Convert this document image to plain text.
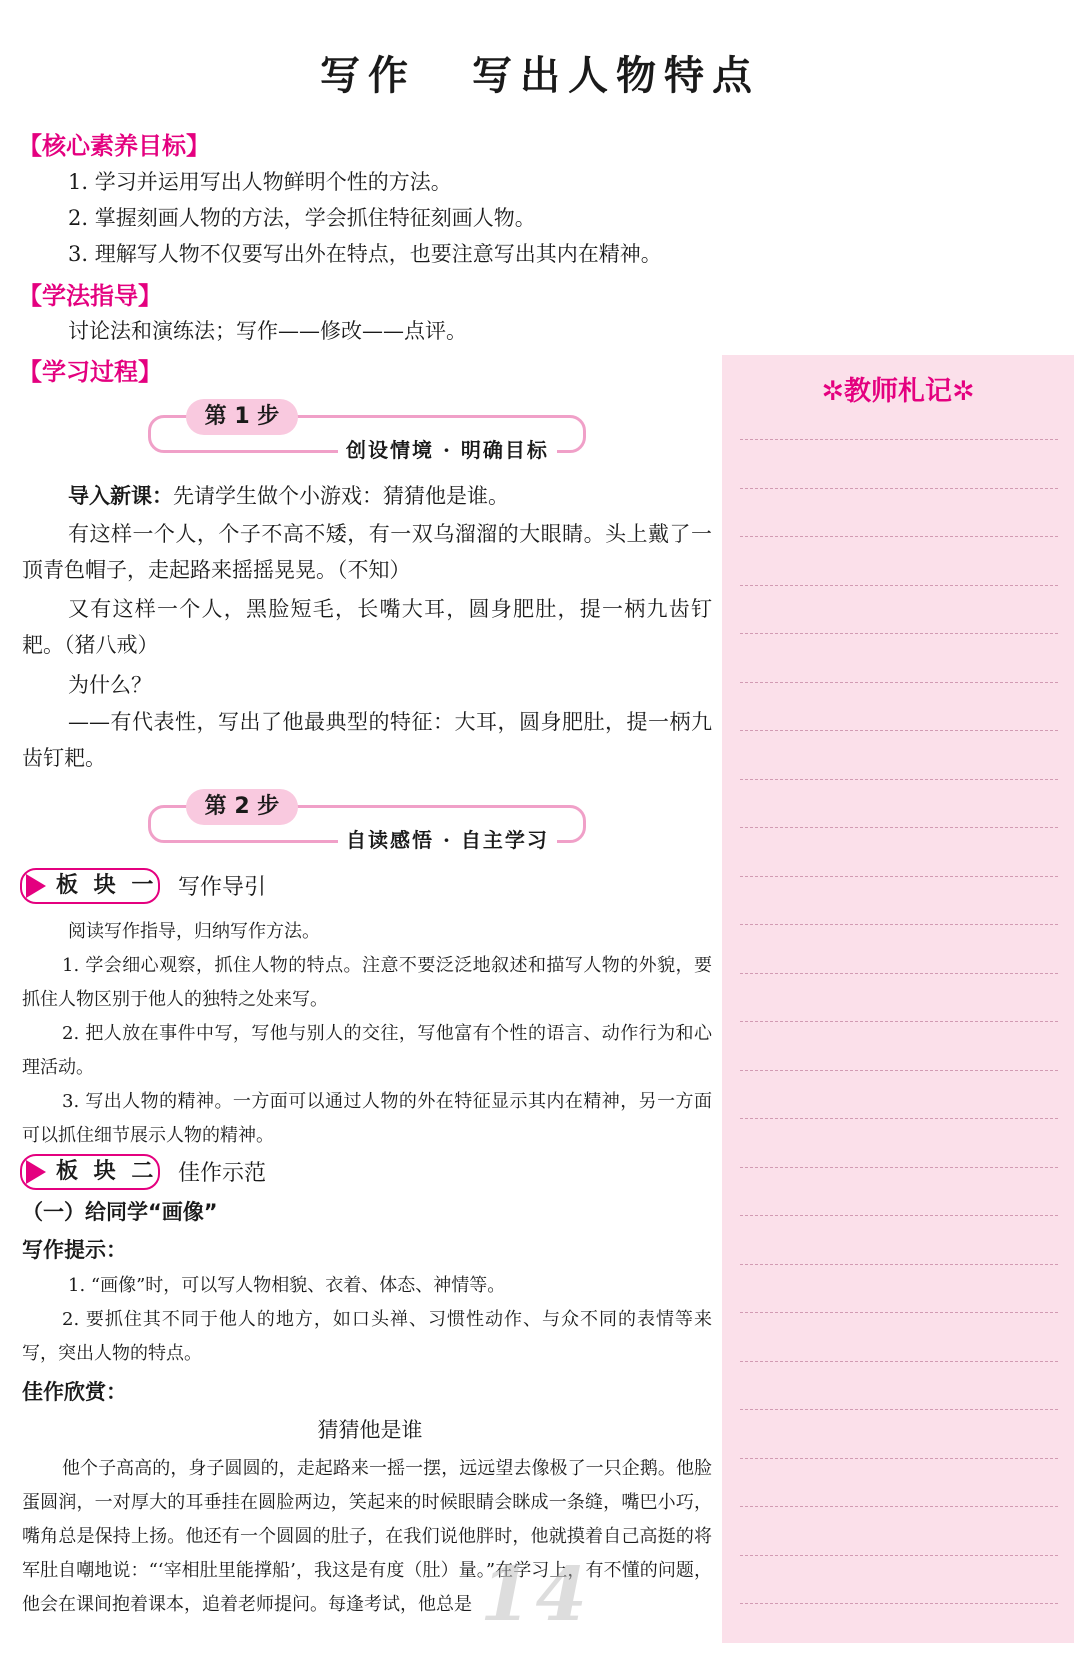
写作 写出人物特点
【核心素养目标】
1. 学习并运用写出人物鲜明个性的方法。
2. 掌握刻画人物的方法，学会抓住特征刻画人物。
3. 理解写人物不仅要写出外在特点，也要注意写出其内在精神。
【学法指导】
讨论法和演练法；写作——修改——点评。
【学习过程】
✲教师札记✲
第 1 步
创设情境 · 明确目标
导入新课：先请学生做个小游戏：猜猜他是谁。
有这样一个人，个子不高不矮，有一双乌溜溜的大眼睛。头上戴了一顶青色帽子，走起路来摇摇晃晃。（不知）
又有这样一个人，黑脸短毛，长嘴大耳，圆身肥肚，提一柄九齿钉耙。（猪八戒）
为什么？
——有代表性，写出了他最典型的特征：大耳，圆身肥肚，提一柄九齿钉耙。
第 2 步
自读感悟 · 自主学习
板 块 一 写作导引
阅读写作指导，归纳写作方法。
1. 学会细心观察，抓住人物的特点。注意不要泛泛地叙述和描写人物的外貌，要抓住人物区别于他人的独特之处来写。
2. 把人放在事件中写，写他与别人的交往，写他富有个性的语言、动作行为和心理活动。
3. 写出人物的精神。一方面可以通过人物的外在特征显示其内在精神，另一方面可以抓住细节展示人物的精神。
板 块 二 佳作示范
（一）给同学“画像”
写作提示：
1. “画像”时，可以写人物相貌、衣着、体态、神情等。
2. 要抓住其不同于他人的地方，如口头禅、习惯性动作、与众不同的表情等来写，突出人物的特点。
佳作欣赏：
猜猜他是谁
他个子高高的，身子圆圆的，走起路来一摇一摆，远远望去像极了一只企鹅。他脸蛋圆润，一对厚大的耳垂挂在圆脸两边，笑起来的时候眼睛会眯成一条缝，嘴巴小巧，嘴角总是保持上扬。他还有一个圆圆的肚子，在我们说他胖时，他就摸着自己高挺的将军肚自嘲地说：“‘宰相肚里能撑船’，我这是有度（肚）量。”在学习上，有不懂的问题，他会在课间抱着课本，追着老师提问。每逢考试，他总是 14
